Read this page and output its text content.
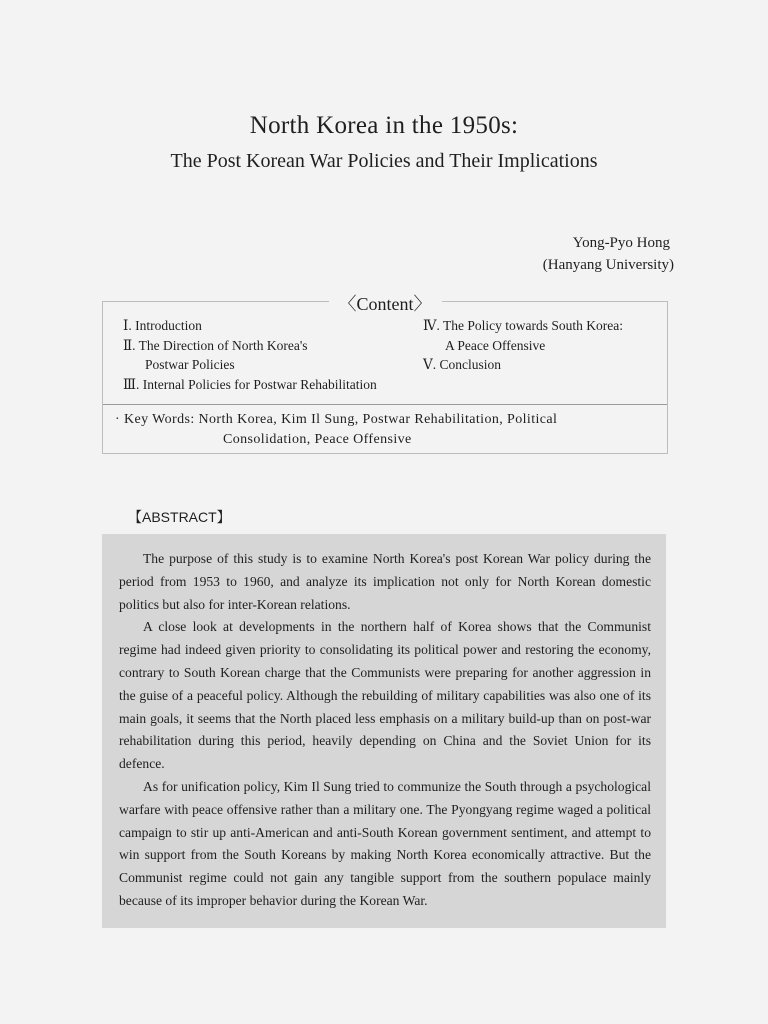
North Korea in the 1950s:
The Post Korean War Policies and Their Implications
Yong-Pyo Hong
(Hanyang University)
〈Content〉
Ⅰ. Introduction
Ⅱ. The Direction of North Korea's
Postwar Policies
Ⅲ. Internal Policies for Postwar Rehabilitation
Ⅳ. The Policy towards South Korea:
A Peace Offensive
Ⅴ. Conclusion
· Key Words: North Korea, Kim Il Sung, Postwar Rehabilitation, Political
Consolidation, Peace Offensive
【ABSTRACT】

The purpose of this study is to examine North Korea's post Korean War policy during the period from 1953 to 1960, and analyze its implication not only for North Korean domestic politics but also for inter-Korean relations.

A close look at developments in the northern half of Korea shows that the Communist regime had indeed given priority to consolidating its political power and restoring the economy, contrary to South Korean charge that the Communists were preparing for another aggression in the guise of a peaceful policy. Although the rebuilding of military capabilities was also one of its main goals, it seems that the North placed less emphasis on a military build-up than on post-war rehabilitation during this period, heavily depending on China and the Soviet Union for its defence.

As for unification policy, Kim Il Sung tried to communize the South through a psychological warfare with peace offensive rather than a military one. The Pyongyang regime waged a political campaign to stir up anti-American and anti-South Korean government sentiment, and attempt to win support from the South Koreans by making North Korea economically attractive. But the Communist regime could not gain any tangible support from the southern populace mainly because of its improper behavior during the Korean War.
